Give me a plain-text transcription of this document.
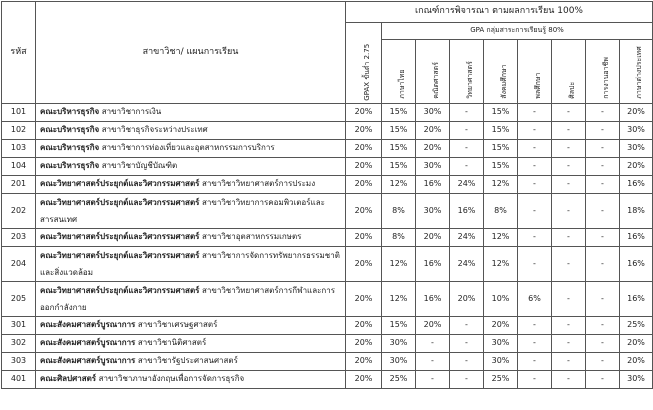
รหัส	สาขาวิชา/ แผนการเรียน	เกณฑ์การพิจารณา ตามผลการเรียน 100%								

		GPAX ขั้นต่ำ 2.75	GPA กลุ่มสาระการเรียนรู้ 80%							

			ภาษาไทย	คณิตศาสตร์	วิทยาศาสตร์	สังคมศึกษา	พลศึกษา	ศิลปะ	การงานอาชีพ	ภาษาต่างประเทศ

101	คณะบริหารธุรกิจ สาขาวิชาการเงิน	20%	15%	30%	-	15%	-	-	-	20%
102	คณะบริหารธุรกิจ สาขาวิชาธุรกิจระหว่างประเทศ	20%	15%	20%	-	15%	-	-	-	30%
103	คณะบริหารธุรกิจ สาขาวิชาการท่องเที่ยวและอุตสาหกรรมการบริการ	20%	15%	20%	-	15%	-	-	-	30%
104	คณะบริหารธุรกิจ สาขาวิชาบัญชีบัณฑิต	20%	15%	30%	-	15%	-	-	-	20%
201	คณะวิทยาศาสตร์ประยุกต์และวิศวกรรมศาสตร์ สาขาวิชาวิทยาศาสตร์การประมง	20%	12%	16%	24%	12%	-	-	-	16%
202	คณะวิทยาศาสตร์ประยุกต์และวิศวกรรมศาสตร์ สาขาวิชาวิทยาการคอมพิวเตอร์และสารสนเทศ	20%	8%	30%	16%	8%	-	-	-	18%
203	คณะวิทยาศาสตร์ประยุกต์และวิศวกรรมศาสตร์ สาขาวิชาอุตสาหกรรมเกษตร	20%	8%	20%	24%	12%	-	-	-	16%
204	คณะวิทยาศาสตร์ประยุกต์และวิศวกรรมศาสตร์ สาขาวิชาการจัดการทรัพยากรธรรมชาติและสิ่งแวดล้อม	20%	12%	16%	24%	12%	-	-	-	16%
205	คณะวิทยาศาสตร์ประยุกต์และวิศวกรรมศาสตร์ สาขาวิชาวิทยาศาสตร์การกีฬาและการออกกำลังกาย	20%	12%	16%	20%	10%	6%	-	-	16%
301	คณะสังคมศาสตร์บูรณาการ สาขาวิชาเศรษฐศาสตร์	20%	15%	20%	-	20%	-	-	-	25%
302	คณะสังคมศาสตร์บูรณาการ สาขาวิชานิติศาสตร์	20%	30%	-	-	30%	-	-	-	20%
303	คณะสังคมศาสตร์บูรณาการ สาขาวิชารัฐประศาสนศาสตร์	20%	30%	-	-	30%	-	-	-	20%
401	คณะศิลปศาสตร์ สาขาวิชาภาษาอังกฤษเพื่อการจัดการธุรกิจ	20%	25%	-	-	25%	-	-	-	30%
